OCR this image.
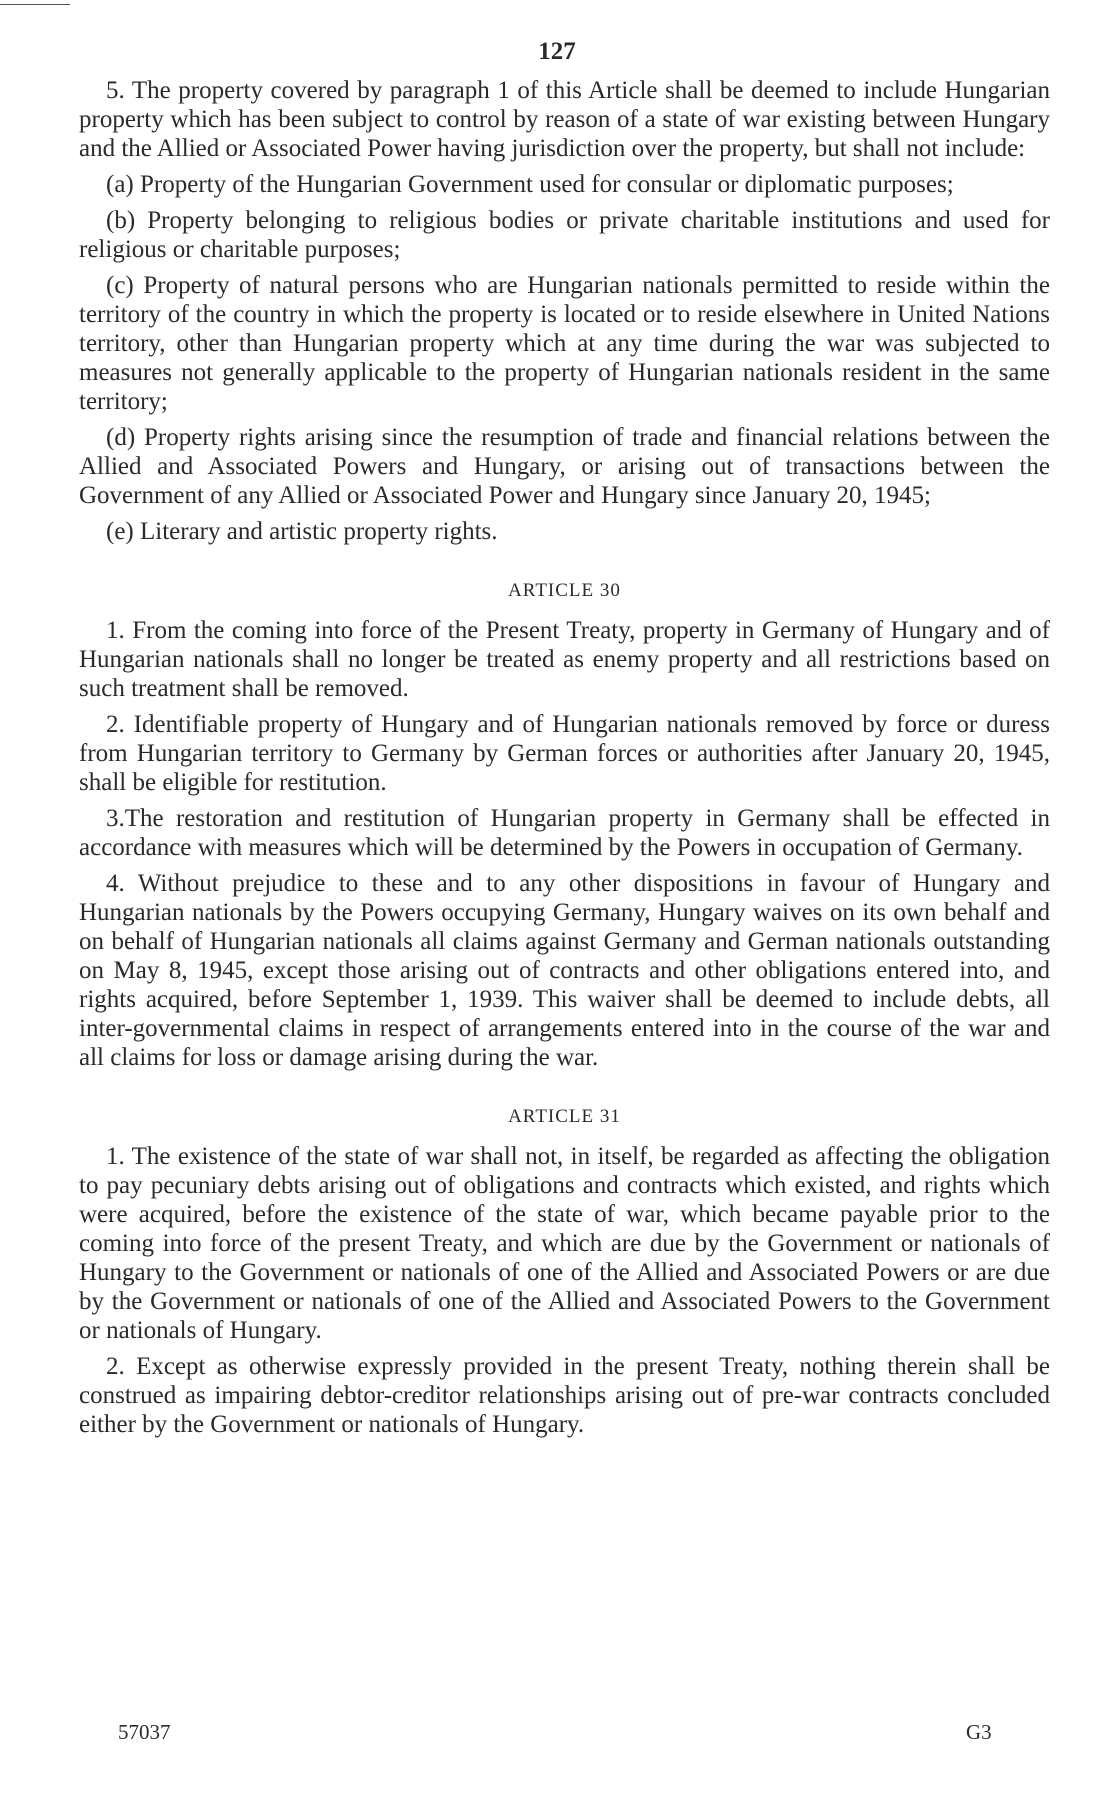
127

5. The property covered by paragraph 1 of this Article shall be deemed to include Hungarian property which has been subject to control by reason of a state of war existing between Hungary and the Allied or Associated Power having jurisdiction over the property, but shall not include:

(a) Property of the Hungarian Government used for consular or diplomatic purposes;

(b) Property belonging to religious bodies or private charitable institutions and used for religious or charitable purposes;

(c) Property of natural persons who are Hungarian nationals permitted to reside within the territory of the country in which the property is located or to reside elsewhere in United Nations territory, other than Hungarian property which at any time during the war was subjected to measures not generally applicable to the property of Hungarian nationals resident in the same territory;

(d) Property rights arising since the resumption of trade and financial relations between the Allied and Associated Powers and Hungary, or arising out of transactions between the Government of any Allied or Associated Power and Hungary since January 20, 1945;

(e) Literary and artistic property rights.

ARTICLE 30

1. From the coming into force of the Present Treaty, property in Germany of Hungary and of Hungarian nationals shall no longer be treated as enemy property and all restrictions based on such treatment shall be removed.

2. Identifiable property of Hungary and of Hungarian nationals removed by force or duress from Hungarian territory to Germany by German forces or authorities after January 20, 1945, shall be eligible for restitution.

3.The restoration and restitution of Hungarian property in Germany shall be effected in accordance with measures which will be determined by the Powers in occupation of Germany.

4. Without prejudice to these and to any other dispositions in favour of Hungary and Hungarian nationals by the Powers occupying Germany, Hungary waives on its own behalf and on behalf of Hungarian nationals all claims against Germany and German nationals outstanding on May 8, 1945, except those arising out of contracts and other obligations entered into, and rights acquired, before September 1, 1939. This waiver shall be deemed to include debts, all inter-governmental claims in respect of arrangements entered into in the course of the war and all claims for loss or damage arising during the war.

ARTICLE 31

1. The existence of the state of war shall not, in itself, be regarded as affecting the obligation to pay pecuniary debts arising out of obligations and contracts which existed, and rights which were acquired, before the existence of the state of war, which became payable prior to the coming into force of the present Treaty, and which are due by the Government or nationals of Hungary to the Government or nationals of one of the Allied and Associated Powers or are due by the Government or nationals of one of the Allied and Associated Powers to the Government or nationals of Hungary.

2. Except as otherwise expressly provided in the present Treaty, nothing therein shall be construed as impairing debtor-creditor relationships arising out of pre-war contracts concluded either by the Government or nationals of Hungary.

57037	G3
